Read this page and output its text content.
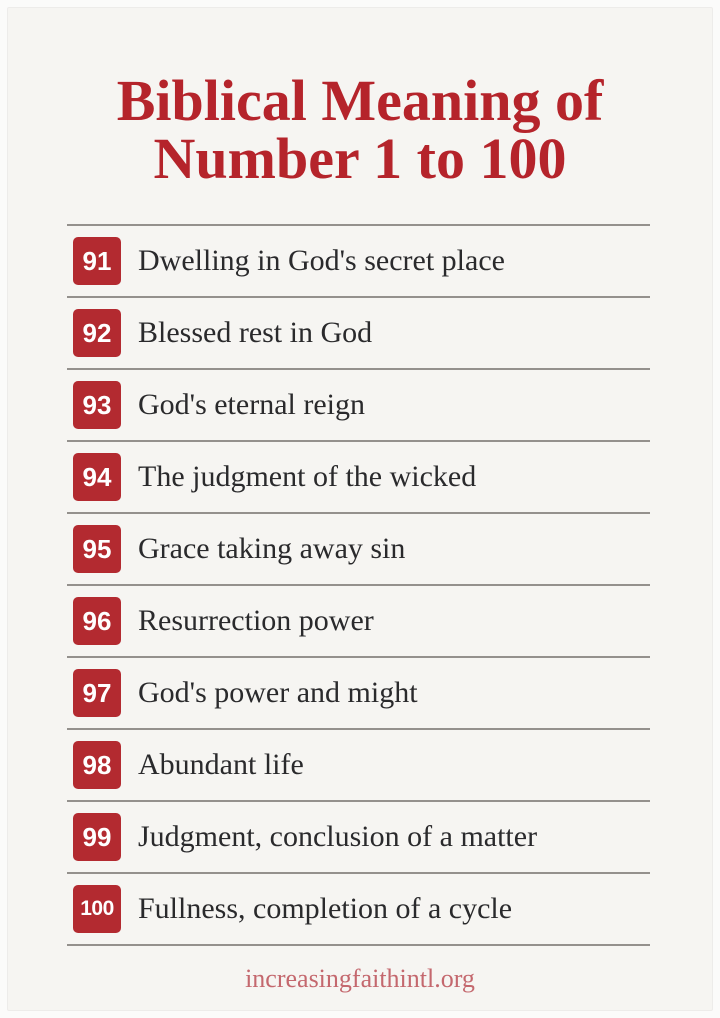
Biblical Meaning of
Number 1 to 100
91 Dwelling in God's secret place
92 Blessed rest in God
93 God's eternal reign
94 The judgment of the wicked
95 Grace taking away sin
96 Resurrection power
97 God's power and might
98 Abundant life
99 Judgment, conclusion of a matter
100 Fullness, completion of a cycle
increasingfaithintl.org
